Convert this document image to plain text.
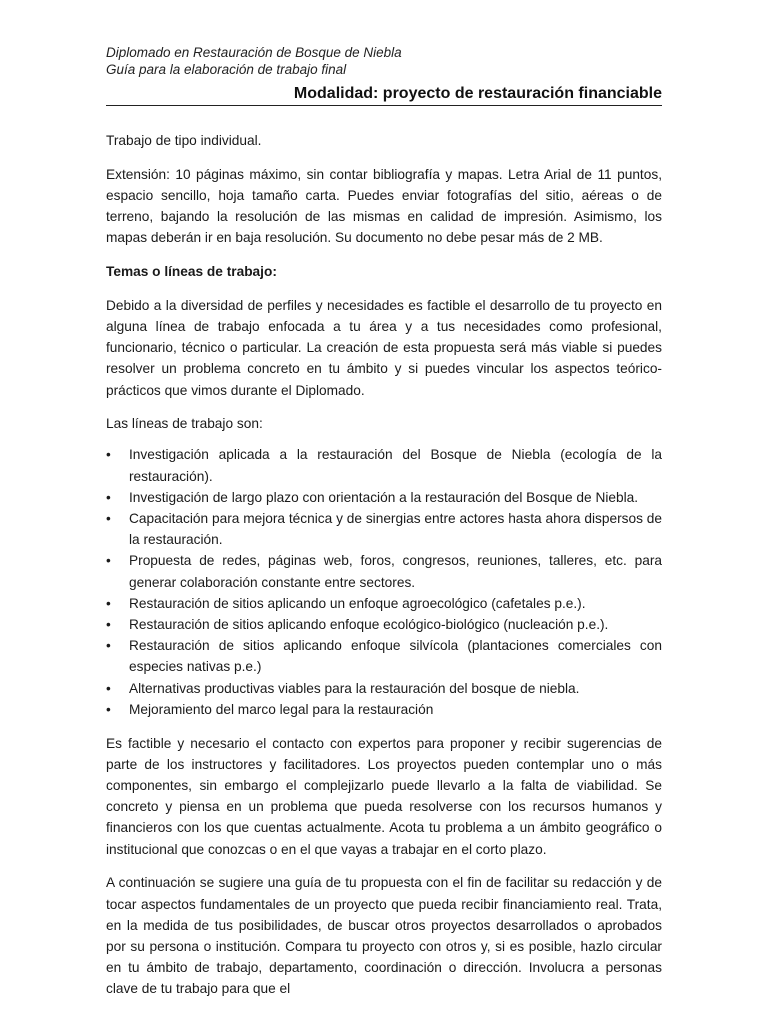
Diplomado en Restauración de Bosque de Niebla
Guía para la elaboración de trabajo final
Modalidad: proyecto de restauración financiable

Trabajo de tipo individual.

Extensión: 10 páginas máximo, sin contar bibliografía y mapas. Letra Arial de 11 puntos, espacio sencillo, hoja tamaño carta. Puedes enviar fotografías del sitio, aéreas o de terreno, bajando la resolución de las mismas en calidad de impresión. Asimismo, los mapas deberán ir en baja resolución. Su documento no debe pesar más de 2 MB.

Temas o líneas de trabajo:

Debido a la diversidad de perfiles y necesidades es factible el desarrollo de tu proyecto en alguna línea de trabajo enfocada a tu área y a tus necesidades como profesional, funcionario, técnico o particular. La creación de esta propuesta será más viable si puedes resolver un problema concreto en tu ámbito y si puedes vincular los aspectos teórico-prácticos que vimos durante el Diplomado.

Las líneas de trabajo son:

• Investigación aplicada a la restauración del Bosque de Niebla (ecología de la restauración).
• Investigación de largo plazo con orientación a la restauración del Bosque de Niebla.
• Capacitación para mejora técnica y de sinergias entre actores hasta ahora dispersos de la restauración.
• Propuesta de redes, páginas web, foros, congresos, reuniones, talleres, etc. para generar colaboración constante entre sectores.
• Restauración de sitios aplicando un enfoque agroecológico (cafetales p.e.).
• Restauración de sitios aplicando enfoque ecológico-biológico (nucleación p.e.).
• Restauración de sitios aplicando enfoque silvícola (plantaciones comerciales con especies nativas p.e.)
• Alternativas productivas viables para la restauración del bosque de niebla.
• Mejoramiento del marco legal para la restauración

Es factible y necesario el contacto con expertos para proponer y recibir sugerencias de parte de los instructores y facilitadores. Los proyectos pueden contemplar uno o más componentes, sin embargo el complejizarlo puede llevarlo a la falta de viabilidad. Se concreto y piensa en un problema que pueda resolverse con los recursos humanos y financieros con los que cuentas actualmente. Acota tu problema a un ámbito geográfico o institucional que conozcas o en el que vayas a trabajar en el corto plazo.

A continuación se sugiere una guía de tu propuesta con el fin de facilitar su redacción y de tocar aspectos fundamentales de un proyecto que pueda recibir financiamiento real. Trata, en la medida de tus posibilidades, de buscar otros proyectos desarrollados o aprobados por su persona o institución. Compara tu proyecto con otros y, si es posible, hazlo circular en tu ámbito de trabajo, departamento, coordinación o dirección. Involucra a personas clave de tu trabajo para que el
